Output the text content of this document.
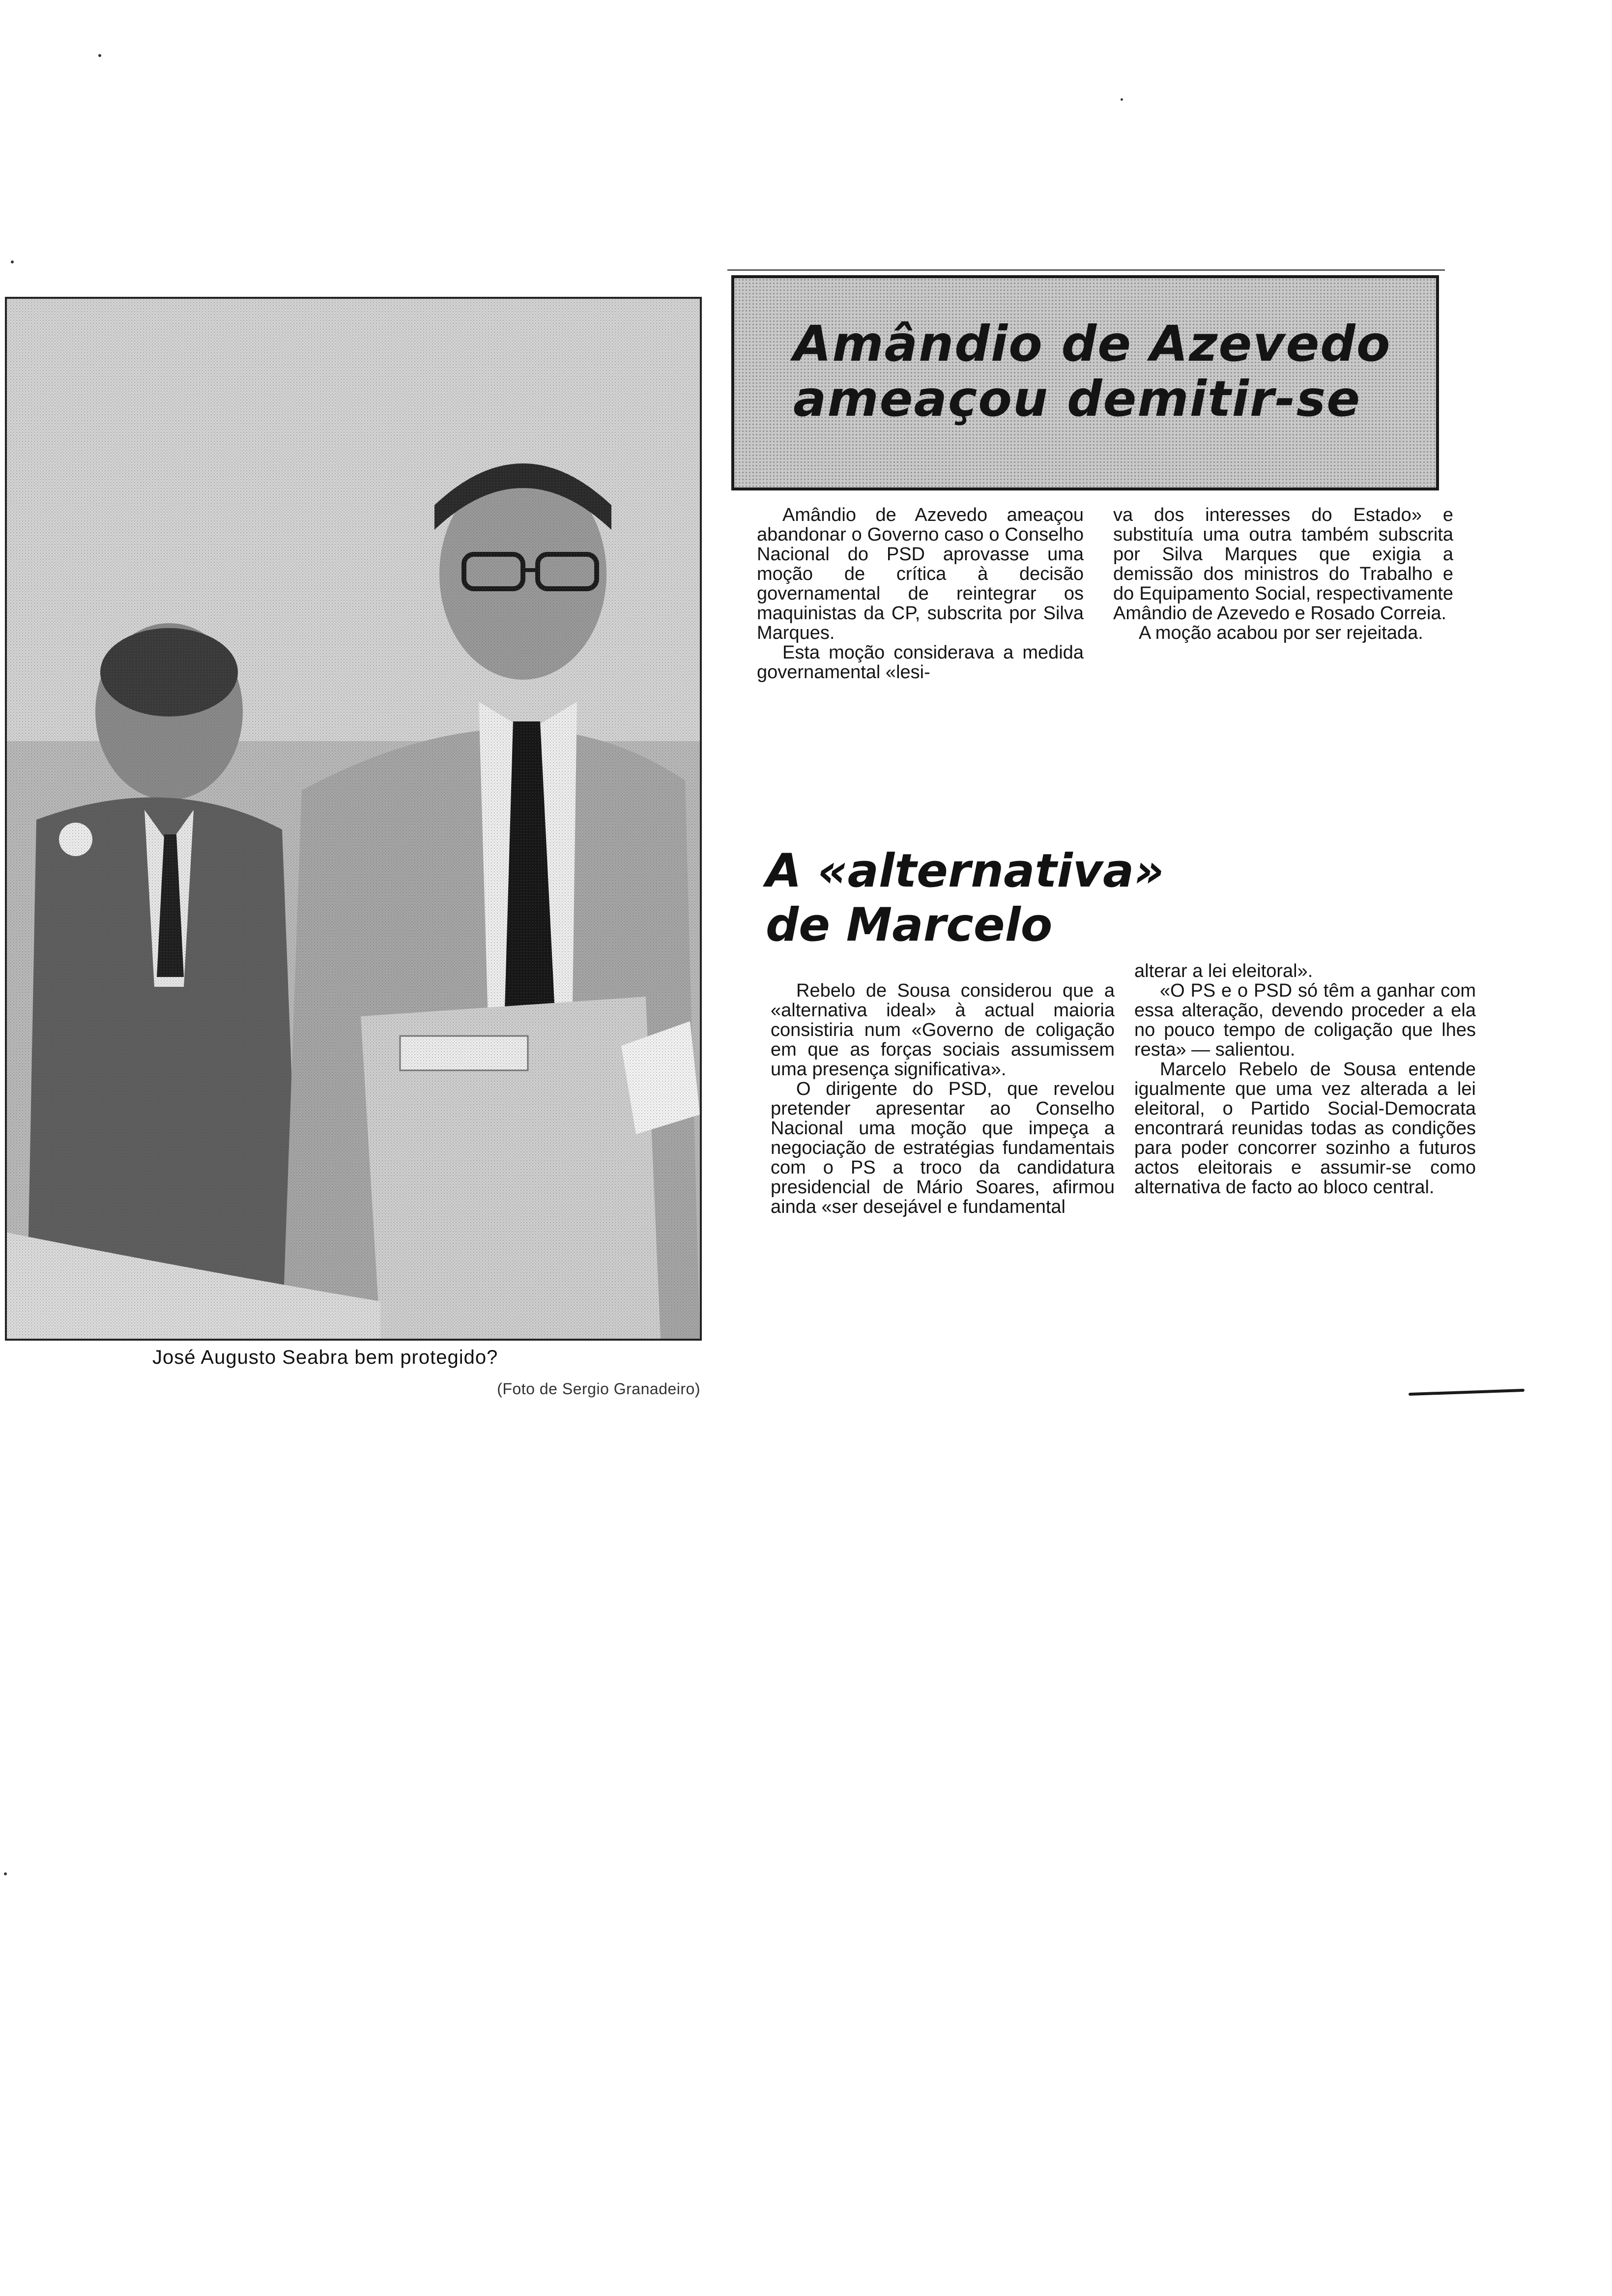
José Augusto Seabra bem protegido?
(Foto de Sergio Granadeiro)
Amândio de Azevedo
ameaçou demitir-se

Amândio de Azevedo ameaçou abandonar o Governo caso o Conselho Nacional do PSD aprovasse uma moção de crítica à decisão governamental de reintegrar os maquinistas da CP, subscrita por Silva Marques.

Esta moção considerava a medida governamental «lesi-

va dos interesses do Estado» e substituía uma outra também subscrita por Silva Marques que exigia a demissão dos ministros do Trabalho e do Equipamento Social, respectivamente Amândio de Azevedo e Rosado Correia.

A moção acabou por ser rejeitada.

A «alternativa»
de Marcelo

Rebelo de Sousa considerou que a «alternativa ideal» à actual maioria consistiria num «Governo de coligação em que as forças sociais assumissem uma presença significativa».

O dirigente do PSD, que revelou pretender apresentar ao Conselho Nacional uma moção que impeça a negociação de estratégias fundamentais com o PS a troco da candidatura presidencial de Mário Soares, afirmou ainda «ser desejável e fundamental

alterar a lei eleitoral».

«O PS e o PSD só têm a ganhar com essa alteração, devendo proceder a ela no pouco tempo de coligação que lhes resta» — salientou.

Marcelo Rebelo de Sousa entende igualmente que uma vez alterada a lei eleitoral, o Partido Social-Democrata encontrará reunidas todas as condições para poder concorrer sozinho a futuros actos eleitorais e assumir-se como alternativa de facto ao bloco central.
